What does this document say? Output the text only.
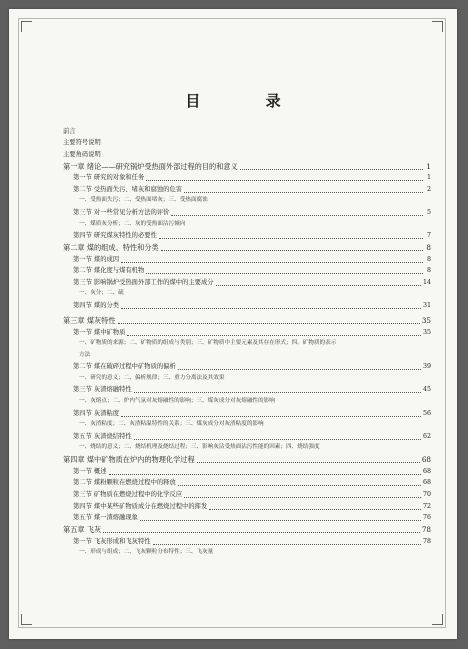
目 录
前言
主要符号说明
主要角码说明
第一章 绪论——研究锅炉受热面外部过程的目的和意义	1
第一节 研究的对象和任务	1
第二节 受热面失污、堵灰和腐蚀的危害	2
一、受热面失污；二、受热面堵灰；三、受热面腐蚀
第三节 对一些常见分析方法的评价	5
一、煤质灰分析；二、灰的受热面沾污倾向
第四节 研究煤灰特性的必要性	7
第二章 煤的组成、特性和分类	8
第一节 煤的成因	8
第二节 煤化度与煤有机物	8
第三节 影响锅炉受热面外部工作的煤中的主要成分	14
一、灰分；二、硫
第四节 煤的分类	31
第三章 煤灰特性	35
第一节 煤中矿物质	35
一、矿物质的来源；二、矿物质的组成与类别；三、矿物质中主要元素及其存在形式；四、矿物质的表示
方法
第二节 煤在破碎过程中矿物质的偏析	39
一、研究的意义；二、偏析规律；三、重力分离法及其效果
第三节 灰渣熔融特性	45
一、灰熔点；二、炉内气氛对灰熔融性的影响；三、煤灰成分对灰熔融性的影响
第四节 灰渣粘度	56
一、灰渣粘度；二、灰渣粘温特性的关系；三、煤灰成分对灰渣粘度的影响
第五节 灰渣烧结特性	62
一、烧结的意义；二、烧结机理及烧结过程；三、影响灰沾受热面沾污性能的因素；四、烧结强度
第四章 煤中矿物质在炉内的物理化学过程	68
第一节 概述	68
第二节 煤粉颗粒在燃烧过程中的释放	68
第三节 矿物质在燃烧过程中的化学反应	70
第四节 煤中某些矿物质成分在燃烧过程中的挥发	72
第五节 煤一渣熔融现象	76
第五章 飞灰	78
第一节 飞灰形成和飞灰特性	78
一、形成与组成；二、飞灰颗粒分布特性；三、飞灰量
